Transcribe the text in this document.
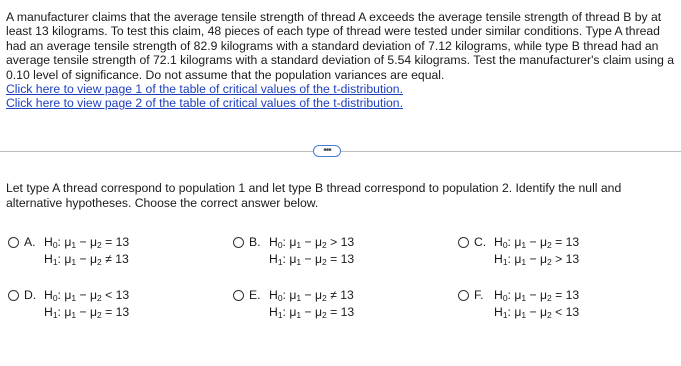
A manufacturer claims that the average tensile strength of thread A exceeds the average tensile strength of thread B by at least 13 kilograms. To test this claim, 48 pieces of each type of thread were tested under similar conditions. Type A thread had an average tensile strength of 82.9 kilograms with a standard deviation of 7.12 kilograms, while type B thread had an average tensile strength of 72.1 kilograms with a standard deviation of 5.54 kilograms. Test the manufacturer's claim using a 0.10 level of significance. Do not assume that the population variances are equal.

Click here to view page 1 of the table of critical values of the t-distribution.
Click here to view page 2 of the table of critical values of the t-distribution.
•••

Let type A thread correspond to population 1 and let type B thread correspond to population 2. Identify the null and alternative hypotheses. Choose the correct answer below.

A. $H_0$: $\mu_1 - \mu_2 = 13$
$H_1$: $\mu_1 - \mu_2 \ne 13$
B. $H_0$: $\mu_1 - \mu_2 > 13$
$H_1$: $\mu_1 - \mu_2 = 13$
C. $H_0$: $\mu_1 - \mu_2 = 13$
$H_1$: $\mu_1 - \mu_2 > 13$
D. $H_0$: $\mu_1 - \mu_2 < 13$
$H_1$: $\mu_1 - \mu_2 = 13$
E. $H_0$: $\mu_1 - \mu_2 \ne 13$
$H_1$: $\mu_1 - \mu_2 = 13$
F. $H_0$: $\mu_1 - \mu_2 = 13$
$H_1$: $\mu_1 - \mu_2 < 13$
